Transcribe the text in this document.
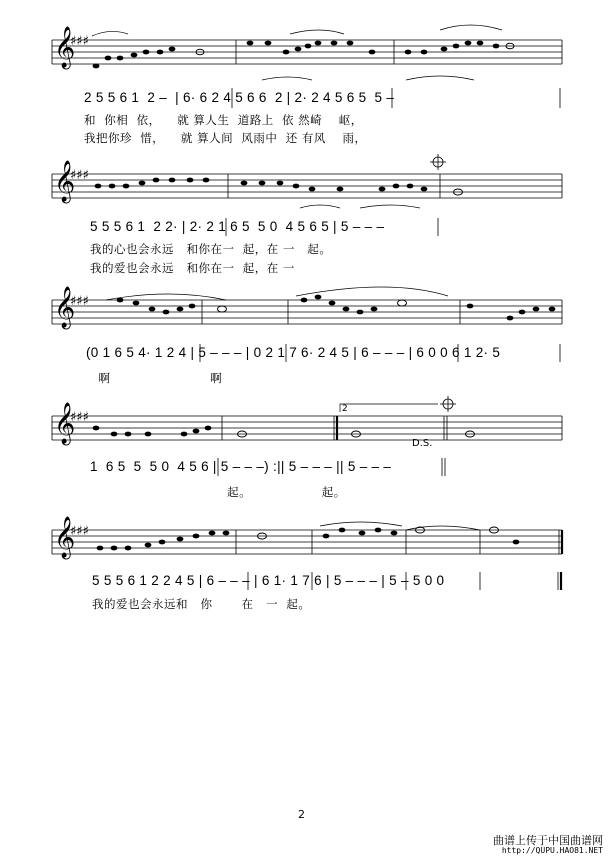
𝄞
𝄞
𝄞
𝄞
𝄞
♯♯♯
♯♯♯
♯♯♯
♯♯♯
♯♯♯
2 5 5 6 1  2 –  | 6· 6 2 4 5 6 6  2 | 2· 2 4 5 6 5  5 –
和  你相  依，    就 算人生  道路上  依 然崎    岖，
我把你珍  惜，    就 算人间  风雨中  还 有风    雨，
5 5 5 6 1  2 2· | 2· 2 1 6 5  5 0  4 5 6 5 | 5 – – –
我的心也会永远   和你在一  起，在 一   起。
我的爱也会永远   和你在一  起，在 一
(0 1 6 5 4· 1 2 4 | 5 – – – | 0 2 1 7 6· 2 4 5 | 6 – – – | 6 0 0 6 1 2· 5
啊                        啊
1  6 5  5  5 0  4 5 6 | 5 – – –) :|| 5 – – – || 5 – – –
起。                 起。
2
D.S.
5 5 5 6 1 2 2 4 5 | 6 – – – | 6 1· 1 7 6 | 5 – – – | 5 – 5 0 0
我的爱也会永远和   你       在   一  起。
2
曲谱上传于中国曲谱网
http://QUPU.HAO81.NET
